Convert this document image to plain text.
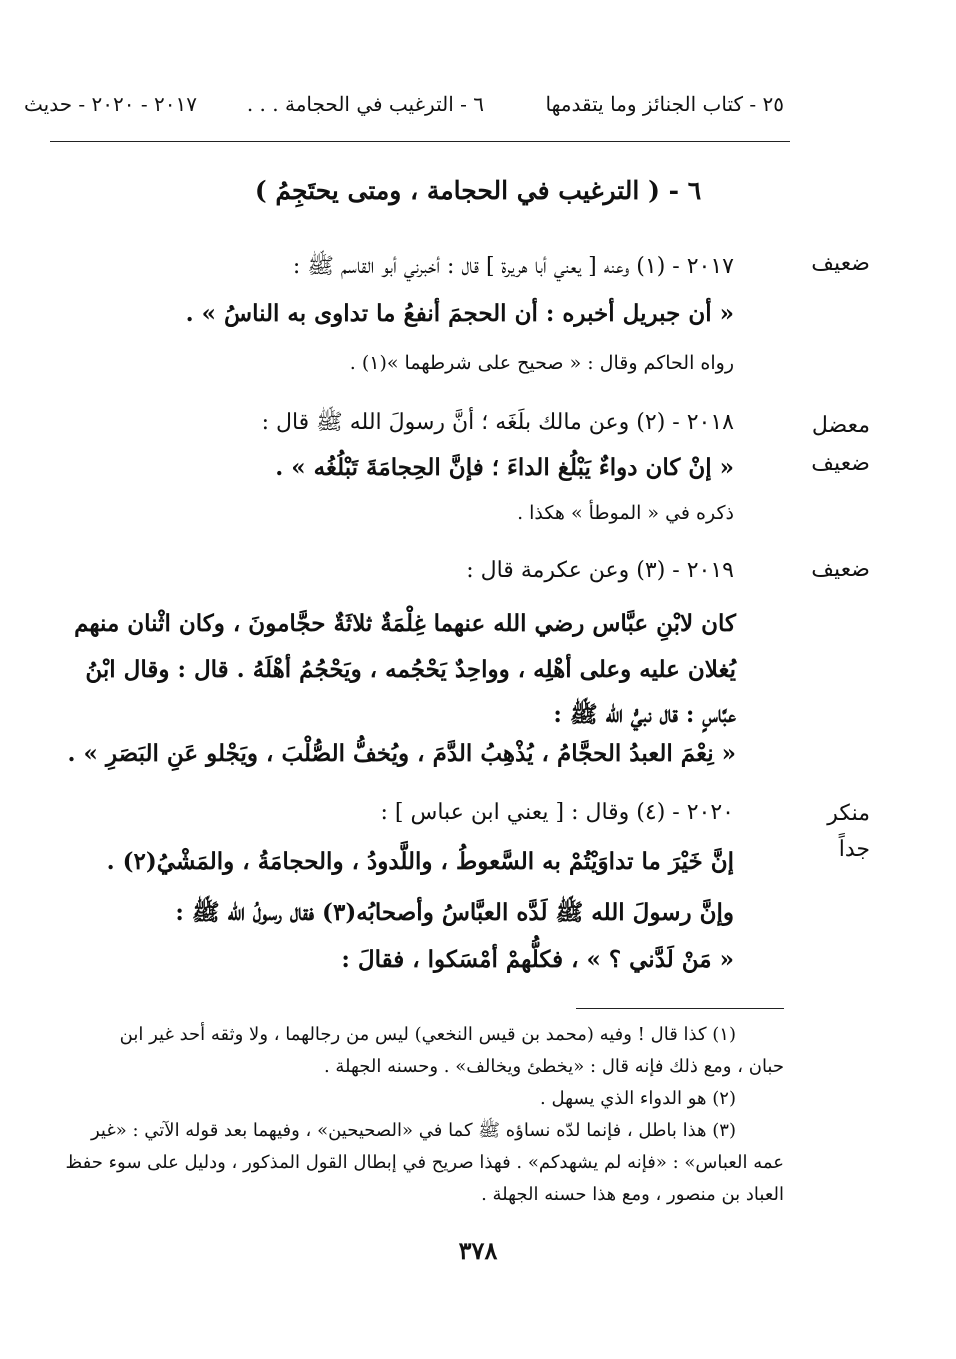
٢٥ - كتاب الجنائز وما يتقدمها
٦ - الترغيب في الحجامة . . .
٢٠١٧ - ٢٠٢٠ - حديث
٦ - ( الترغيب في الحجامة ، ومتى يحتَجِمُ )
ضعيف
٢٠١٧ - (١) وعنه [ يعني أبا هريرة ] قال : أخبرني أبو القاسم ﷺ :
« أن جبريل أخبره : أن الحجمَ أنفعُ ما تداوى به الناسُ » .
رواه الحاكم وقال : « صحيح على شرطهما »(١) .
معضل
ضعيف
٢٠١٨ - (٢) وعن مالك بلَغَه ؛ أنَّ رسولَ الله ﷺ قال :
« إنْ كان دواءٌ يَبْلُغ الداءَ ؛ فإنَّ الحِجامَةَ تَبْلُغُه » .
ذكره في « الموطأ » هكذا .
ضعيف
٢٠١٩ - (٣) وعن عكرمة قال :
كان لابْنِ عبَّاس رضي الله عنهما غِلْمَةٌ ثلاثَةٌ حجَّامونَ ، وكان اثْنان منهم
يُغلان عليه وعلى أهْلِه ، وواحِدٌ يَحْجُمه ، ويَحْجُمُ أهْلَهُ . قال : وقال ابْنُ
عبَّاسٍ : قال نبيُّ الله ﷺ :
« نِعْمَ العبدُ الحجَّامُ ، يُذْهِبُ الدَّمَ ، ويُخفُّ الصُّلْبَ ، ويَجْلو عَنِ البَصَرِ » .
منكر
جداً
٢٠٢٠ - (٤) وقال : [ يعني ابن عباس ] :
إنَّ خَيْرَ ما تداوَيْتُمْ به السَّعوطُ ، واللَّدودُ ، والحجامَةُ ، والمَشْيُ(٢) .
وإنَّ رسولَ الله ﷺ لَدَّه العبَّاسُ وأصحابُه(٣) فقال رسولُ الله ﷺ :
« مَنْ لَدَّني ؟ » ، فكلُّهمْ أمْسَكوا ، فقالَ :
(١) كذا قال ! وفيه (محمد بن قيس النخعي) ليس من رجالهما ، ولا وثقه أحد غير ابن
حبان ، ومع ذلك فإنه قال : «يخطئ ويخالف» . وحسنه الجهلة .
(٢) هو الدواء الذي يسهل .
(٣) هذا باطل ، فإنما لدّه نساؤه ﷺ كما في «الصحيحين» ، وفيهما بعد قوله الآتي : «غير
عمه العباس» : «فإنه لم يشهدكم» . فهذا صريح في إبطال القول المذكور ، ودليل على سوء حفظ
العباد بن منصور ، ومع هذا حسنه الجهلة .
٣٧٨
